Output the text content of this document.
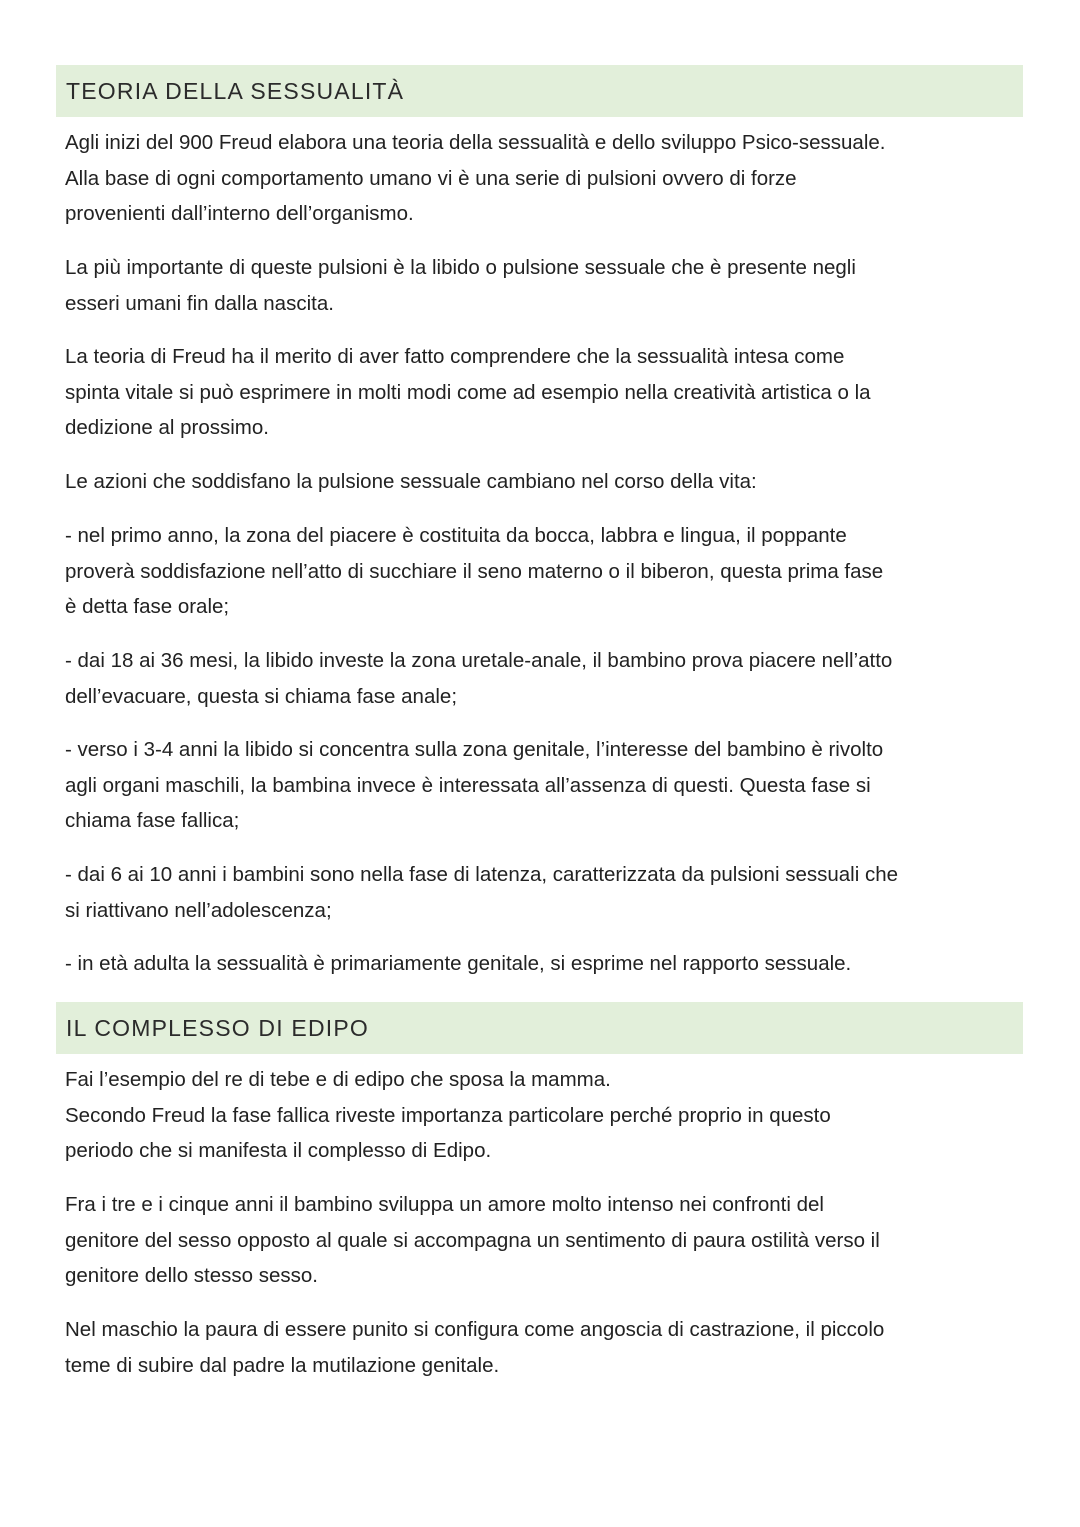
TEORIA DELLA SESSUALITÀ

Agli inizi del 900 Freud elabora una teoria della sessualità e dello sviluppo Psico-sessuale.
Alla base di ogni comportamento umano vi è una serie di pulsioni ovvero di forze
provenienti dall’interno dell’organismo.

La più importante di queste pulsioni è la libido o pulsione sessuale che è presente negli
esseri umani fin dalla nascita.

La teoria di Freud ha il merito di aver fatto comprendere che la sessualità intesa come
spinta vitale si può esprimere in molti modi come ad esempio nella creatività artistica o la
dedizione al prossimo.

Le azioni che soddisfano la pulsione sessuale cambiano nel corso della vita:

- nel primo anno, la zona del piacere è costituita da bocca, labbra e lingua, il poppante
proverà soddisfazione nell’atto di succhiare il seno materno o il biberon, questa prima fase
è detta fase orale;

- dai 18 ai 36 mesi, la libido investe la zona uretale-anale, il bambino prova piacere nell’atto
dell’evacuare, questa si chiama fase anale;

- verso i 3-4 anni la libido si concentra sulla zona genitale, l’interesse del bambino è rivolto
agli organi maschili, la bambina invece è interessata all’assenza di questi. Questa fase si
chiama fase fallica;

- dai 6 ai 10 anni i bambini sono nella fase di latenza, caratterizzata da pulsioni sessuali che
si riattivano nell’adolescenza;

- in età adulta la sessualità è primariamente genitale, si esprime nel rapporto sessuale.

IL COMPLESSO DI EDIPO

Fai l’esempio del re di tebe e di edipo che sposa la mamma.
Secondo Freud la fase fallica riveste importanza particolare perché proprio in questo
periodo che si manifesta il complesso di Edipo.

Fra i tre e i cinque anni il bambino sviluppa un amore molto intenso nei confronti del
genitore del sesso opposto al quale si accompagna un sentimento di paura ostilità verso il
genitore dello stesso sesso.

Nel maschio la paura di essere punito si configura come angoscia di castrazione, il piccolo
teme di subire dal padre la mutilazione genitale.
